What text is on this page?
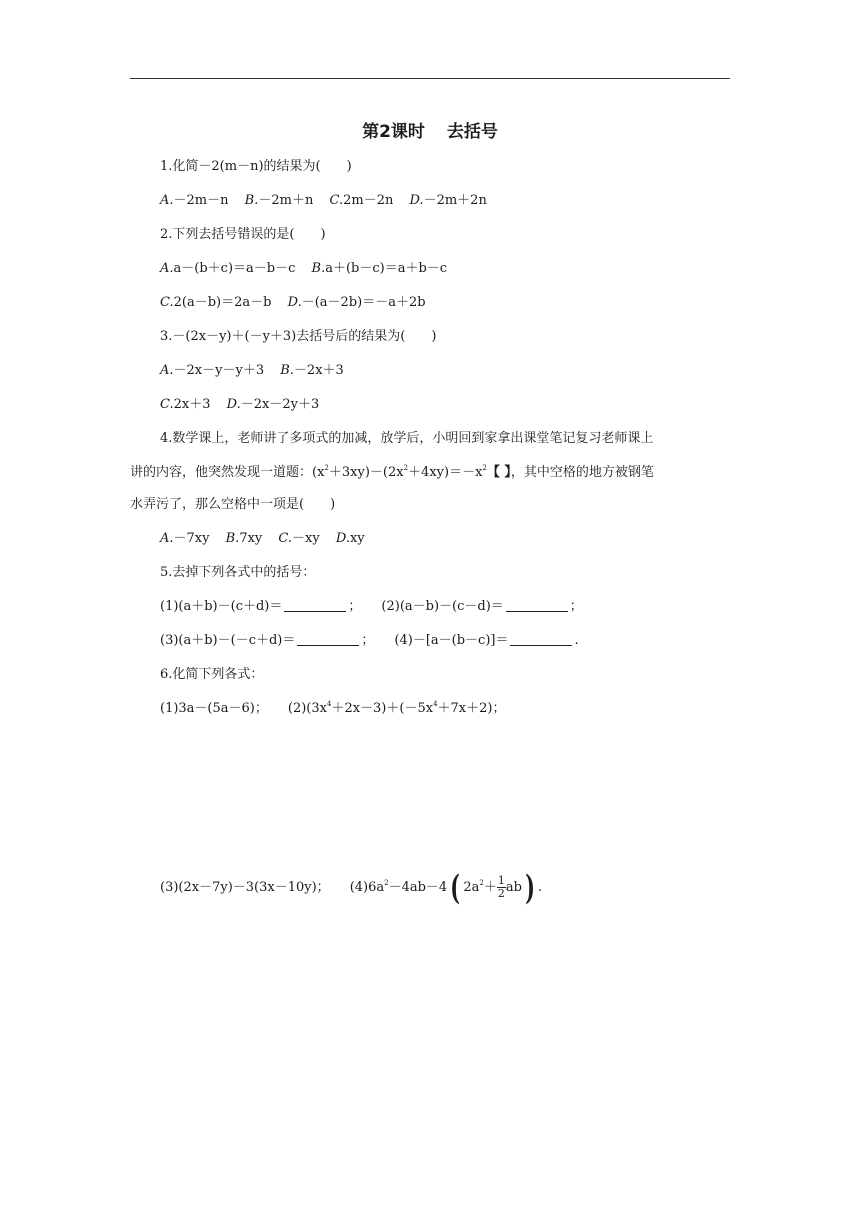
第2课时 去括号
1.化简－2(m－n)的结果为(　　)
A.－2m－n B.－2m＋n C.2m－2n D.－2m＋2n
2.下列去括号错误的是(　　)
A.a－(b＋c)＝a－b－c B.a＋(b－c)＝a＋b－c
C.2(a－b)＝2a－b D.－(a－2b)＝－a＋2b
3.－(2x－y)＋(－y＋3)去括号后的结果为(　　)
A.－2x－y－y＋3 B.－2x＋3
C.2x＋3 D.－2x－2y＋3
4.数学课上，老师讲了多项式的加减，放学后，小明回到家拿出课堂笔记复习老师课上
讲的内容，他突然发现一道题：$(x^2+3xy)-(2x^2+4xy)=-x^2$【 】，其中空格的地方被钢笔
水弄污了，那么空格中一项是(　　)
A.－7xy B.7xy C.－xy D.xy
5.去掉下列各式中的括号：
(1)(a＋b)－(c＋d)＝	； (2)(a－b)－(c－d)＝	；
(3)(a＋b)－(－c＋d)＝	； (4)－[a－(b－c)]＝	.
6.化简下列各式：
(1)3a－(5a－6)； $(2)(3x^4+2x-3)+(-5x^4+7x+2)$；
(3)(2x－7y)－3(3x－10y)； $(4)6a^2-4ab-4$( $2a^2+ \frac{1}{2} ab$) .
